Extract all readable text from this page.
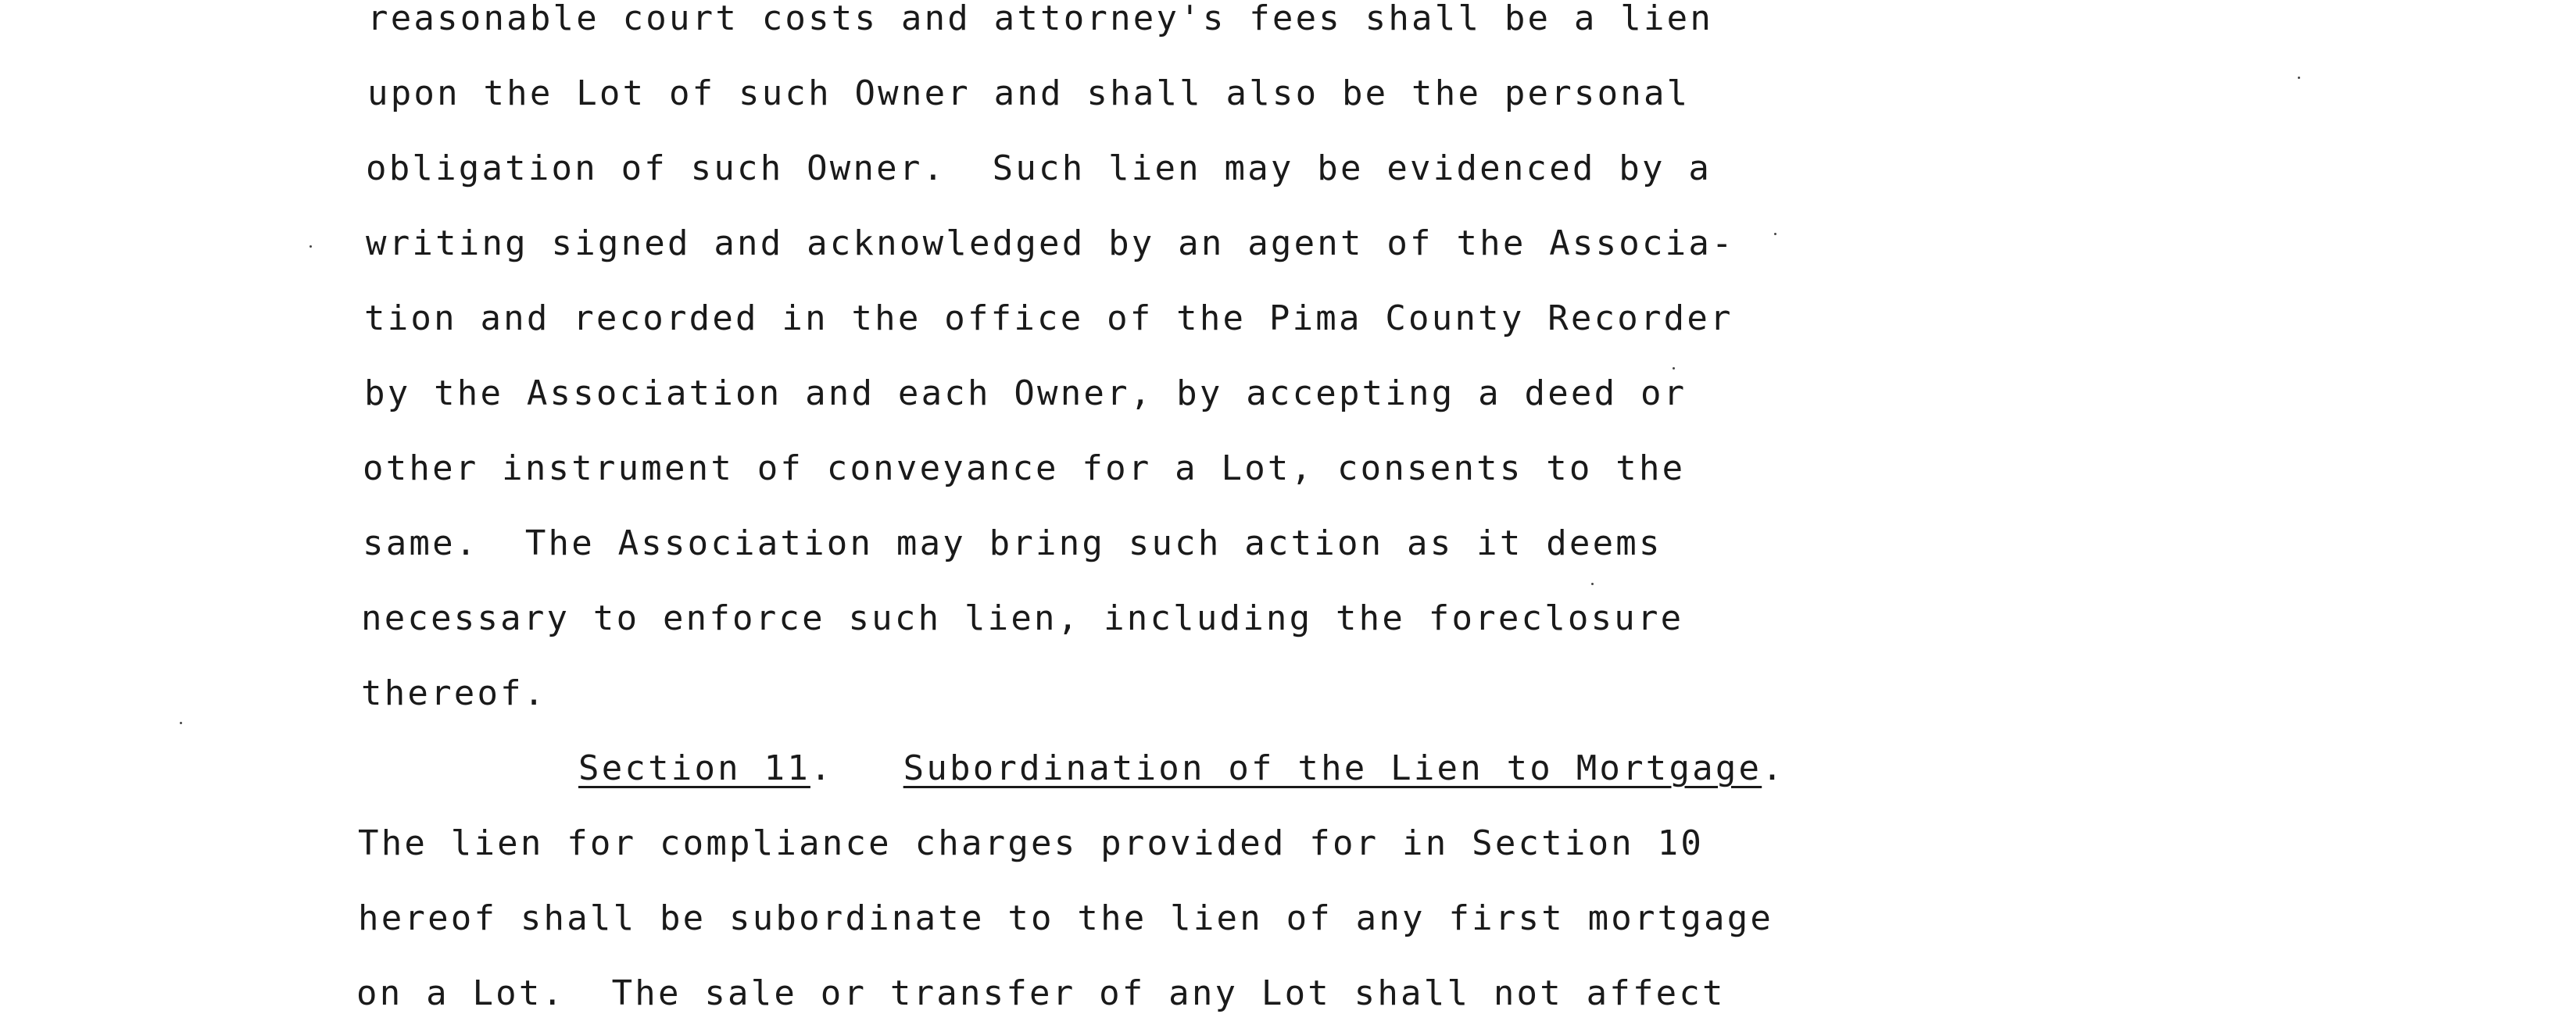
reasonable court costs and attorney's fees shall be a lien
upon the Lot of such Owner and shall also be the personal
obligation of such Owner.  Such lien may be evidenced by a
writing signed and acknowledged by an agent of the Associa-
tion and recorded in the office of the Pima County Recorder
by the Association and each Owner, by accepting a deed or
other instrument of conveyance for a Lot, consents to the
same.  The Association may bring such action as it deems
necessary to enforce such lien, including the foreclosure
thereof.
Section 11.   Subordination of the Lien to Mortgage.
The lien for compliance charges provided for in Section 10
hereof shall be subordinate to the lien of any first mortgage
on a Lot.  The sale or transfer of any Lot shall not affect
